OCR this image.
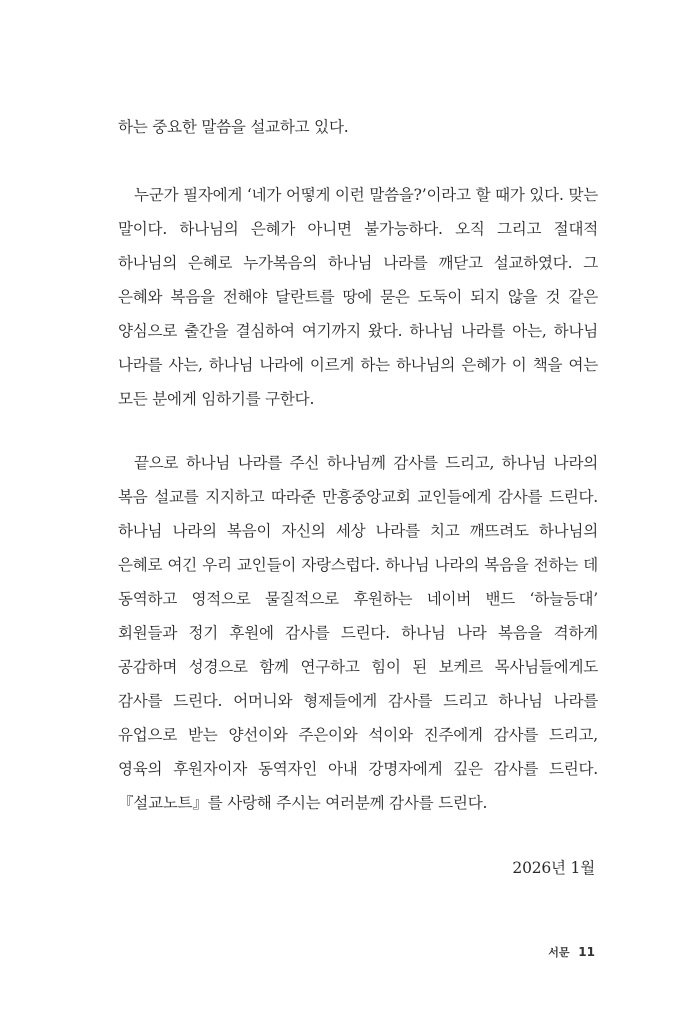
하는 중요한 말씀을 설교하고 있다.

누군가 필자에게 ‘네가 어떻게 이런 말씀을?’이라고 할 때가 있다. 맞는 말이다. 하나님의 은혜가 아니면 불가능하다. 오직 그리고 절대적 하나님의 은혜로 누가복음의 하나님 나라를 깨닫고 설교하였다. 그 은혜와 복음을 전해야 달란트를 땅에 묻은 도둑이 되지 않을 것 같은 양심으로 출간을 결심하여 여기까지 왔다. 하나님 나라를 아는, 하나님 나라를 사는, 하나님 나라에 이르게 하는 하나님의 은혜가 이 책을 여는 모든 분에게 임하기를 구한다.

끝으로 하나님 나라를 주신 하나님께 감사를 드리고, 하나님 나라의 복음 설교를 지지하고 따라준 만흥중앙교회 교인들에게 감사를 드린다. 하나님 나라의 복음이 자신의 세상 나라를 치고 깨뜨려도 하나님의 은혜로 여긴 우리 교인들이 자랑스럽다. 하나님 나라의 복음을 전하는 데 동역하고 영적으로 물질적으로 후원하는 네이버 밴드 ‘하늘등대’ 회원들과 정기 후원에 감사를 드린다. 하나님 나라 복음을 격하게 공감하며 성경으로 함께 연구하고 힘이 된 보케르 목사님들에게도 감사를 드린다. 어머니와 형제들에게 감사를 드리고 하나님 나라를 유업으로 받는 양선이와 주은이와 석이와 진주에게 감사를 드리고, 영육의 후원자이자 동역자인 아내 강명자에게 깊은 감사를 드린다. 『설교노트』를 사랑해 주시는 여러분께 감사를 드린다.

2026년 1월
서문 11
